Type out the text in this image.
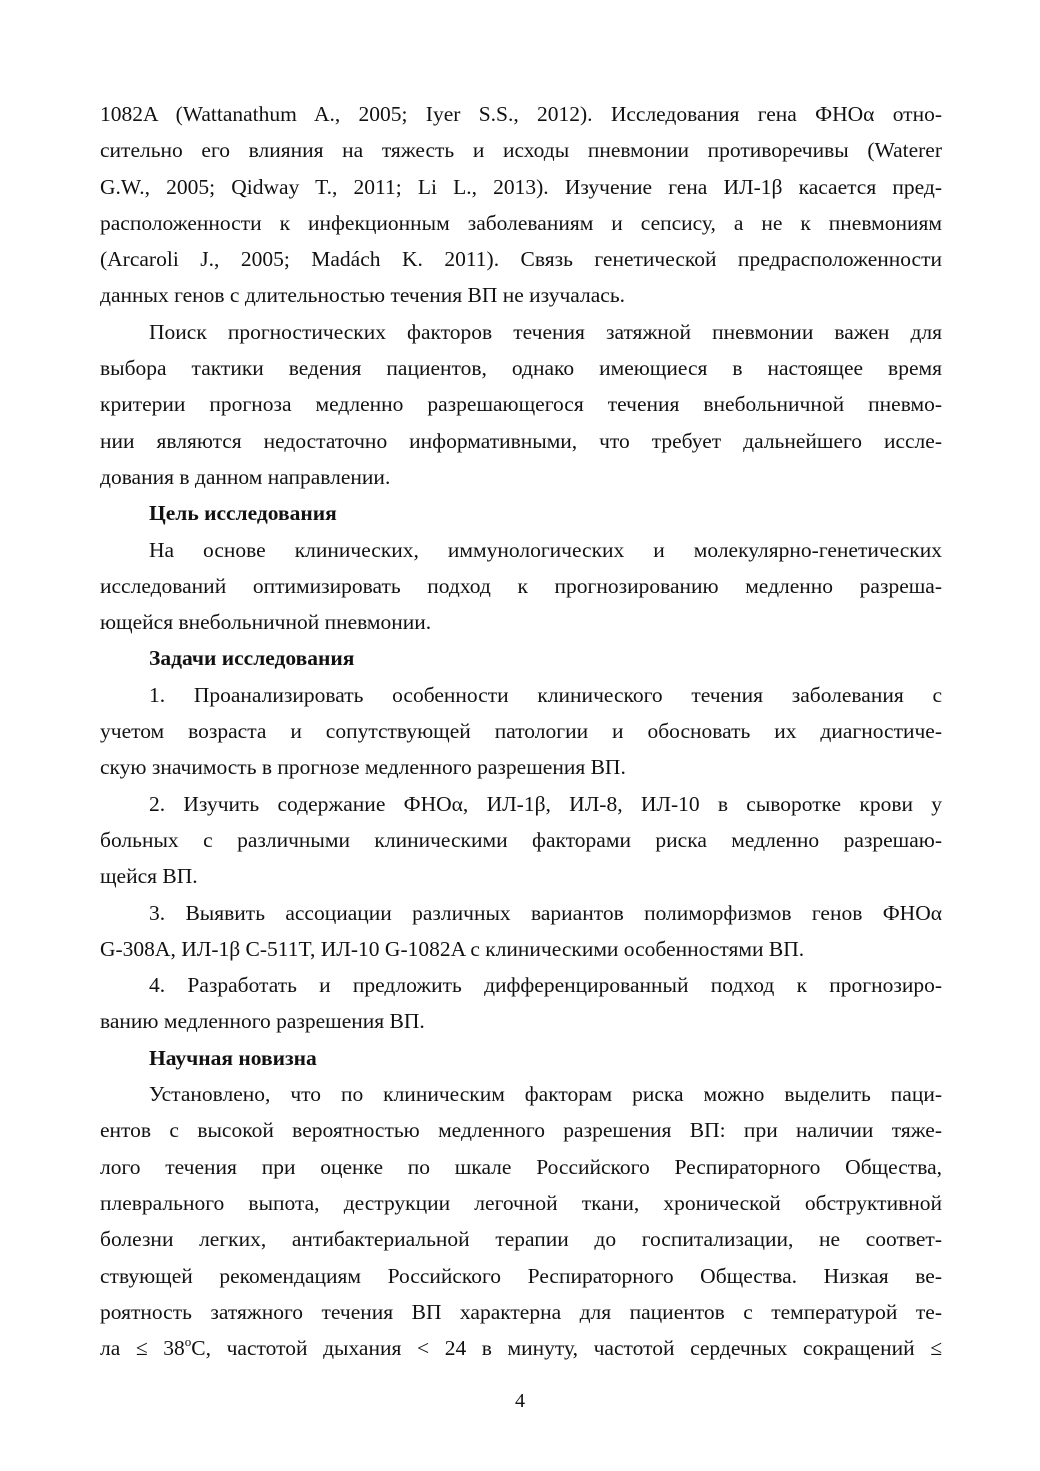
1082A (Wattanathum A., 2005; Iyer S.S., 2012). Исследования гена ФНОα отно-
сительно его влияния на тяжесть и исходы пневмонии противоречивы (Waterer
G.W., 2005; Qidway T., 2011; Li L., 2013). Изучение гена ИЛ-1β касается пред-
расположенности к инфекционным заболеваниям и сепсису, а не к пневмониям
(Arcaroli J., 2005; Madách K. 2011). Связь генетической предрасположенности
данных генов с длительностью течения ВП не изучалась.
Поиск прогностических факторов течения затяжной пневмонии важен для
выбора тактики ведения пациентов, однако имеющиеся в настоящее время
критерии прогноза медленно разрешающегося течения внебольничной пневмо-
нии являются недостаточно информативными, что требует дальнейшего иссле-
дования в данном направлении.
Цель исследования
На основе клинических, иммунологических и молекулярно-генетических
исследований оптимизировать подход к прогнозированию медленно разреша-
ющейся внебольничной пневмонии.
Задачи исследования
1. Проанализировать особенности клинического течения заболевания с
учетом возраста и сопутствующей патологии и обосновать их диагностиче-
скую значимость в прогнозе медленного разрешения ВП.
2. Изучить содержание ФНОα, ИЛ-1β, ИЛ-8, ИЛ-10 в сыворотке крови у
больных с различными клиническими факторами риска медленно разрешаю-
щейся ВП.
3. Выявить ассоциации различных вариантов полиморфизмов генов ФНОα
G-308A, ИЛ-1β C-511T, ИЛ-10 G-1082A с клиническими особенностями ВП.
4. Разработать и предложить дифференцированный подход к прогнозиро-
ванию медленного разрешения ВП.
Научная новизна
Установлено, что по клиническим факторам риска можно выделить паци-
ентов с высокой вероятностью медленного разрешения ВП: при наличии тяже-
лого течения при оценке по шкале Российского Респираторного Общества,
плеврального выпота, деструкции легочной ткани, хронической обструктивной
болезни легких, антибактериальной терапии до госпитализации, не соответ-
ствующей рекомендациям Российского Респираторного Общества. Низкая ве-
роятность затяжного течения ВП характерна для пациентов с температурой те-
ла ≤ $38^оС$, частотой дыхания < 24 в минуту, частотой сердечных сокращений ≤
4
